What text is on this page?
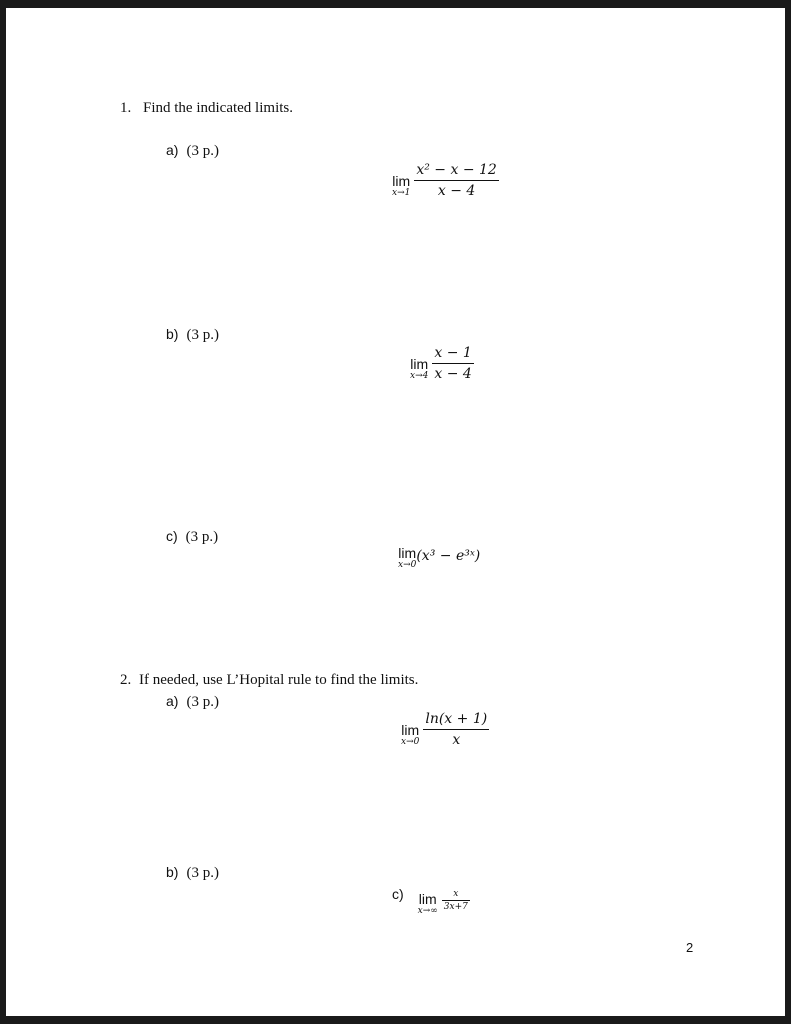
1. Find the indicated limits.
a) (3 p.)
lim
x→1
$\frac{\text{x² − x − 12}}{x - 4}$
b) (3 p.)
lim
x→4
$\frac{x - 1}{x - 4}$
c) (3 p.)
lim
x→0
(x³ − e³ˣ)
2. If needed, use L’Hopital rule to find the limits.
a) (3 p.)
lim
x→0
$\frac{\ln(x + 1)}{x}$
b) (3 p.)
c) lim
x→∞
$\frac{x}{3x+7}$
2
